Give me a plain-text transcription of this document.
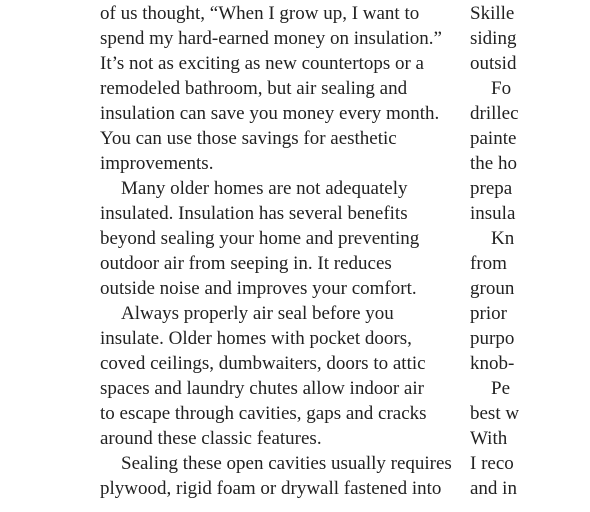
of us thought, “When I grow up, I want to
spend my hard-earned money on insulation.”
It’s not as exciting as new countertops or a
remodeled bathroom, but air sealing and
insulation can save you money every month.
You can use those savings for aesthetic
improvements.
Many older homes are not adequately
insulated. Insulation has several benefits
beyond sealing your home and preventing
outdoor air from seeping in. It reduces
outside noise and improves your comfort.
Always properly air seal before you
insulate. Older homes with pocket doors,
coved ceilings, dumbwaiters, doors to attic
spaces and laundry chutes allow indoor air
to escape through cavities, gaps and cracks
around these classic features.
Sealing these open cavities usually requires
plywood, rigid foam or drywall fastened into
Skille
siding
outsid
Fo
drillec
painte
the ho
prepa
insula
Kn
from
groun
prior
purpo
knob-
Pe
best w
With
I reco
and in
